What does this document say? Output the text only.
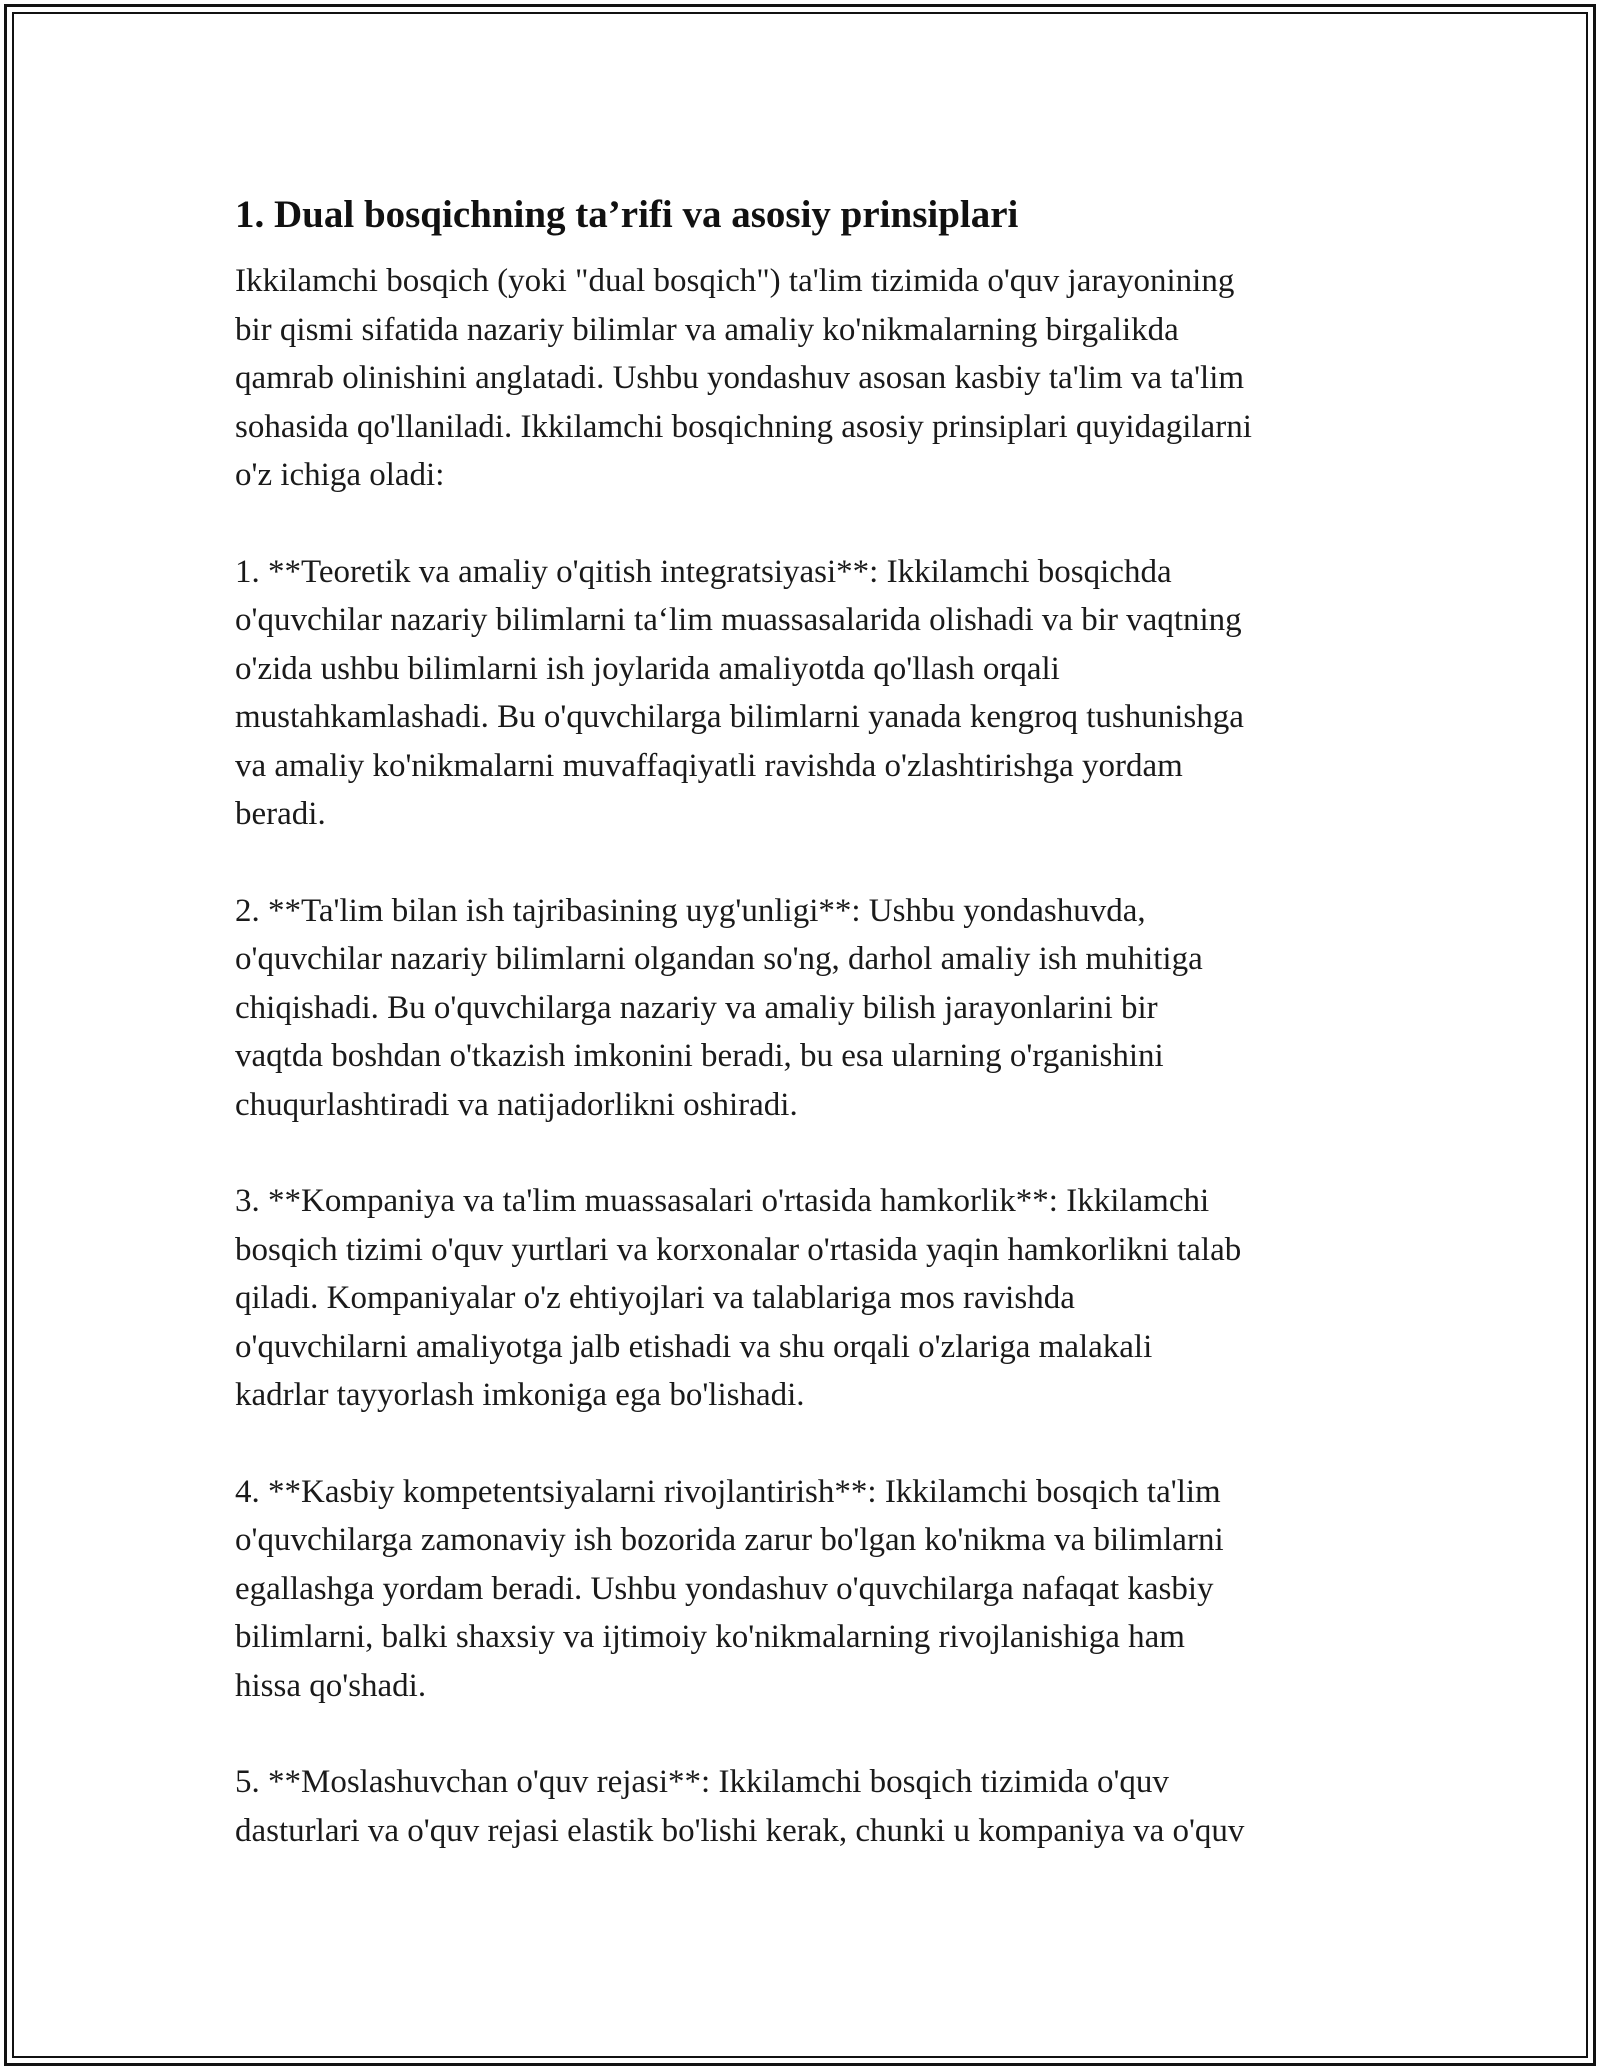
1. Dual bosqichning ta’rifi va asosiy prinsiplari

Ikkilamchi bosqich (yoki "dual bosqich") ta'lim tizimida o'quv jarayonining
bir qismi sifatida nazariy bilimlar va amaliy ko'nikmalarning birgalikda
qamrab olinishini anglatadi. Ushbu yondashuv asosan kasbiy ta'lim va ta'lim
sohasida qo'llaniladi. Ikkilamchi bosqichning asosiy prinsiplari quyidagilarni
o'z ichiga oladi:

1. **Teoretik va amaliy o'qitish integratsiyasi**: Ikkilamchi bosqichda
o'quvchilar nazariy bilimlarni ta‘lim muassasalarida olishadi va bir vaqtning
o'zida ushbu bilimlarni ish joylarida amaliyotda qo'llash orqali
mustahkamlashadi. Bu o'quvchilarga bilimlarni yanada kengroq tushunishga
va amaliy ko'nikmalarni muvaffaqiyatli ravishda o'zlashtirishga yordam
beradi.

2. **Ta'lim bilan ish tajribasining uyg'unligi**: Ushbu yondashuvda,
o'quvchilar nazariy bilimlarni olgandan so'ng, darhol amaliy ish muhitiga
chiqishadi. Bu o'quvchilarga nazariy va amaliy bilish jarayonlarini bir
vaqtda boshdan o'tkazish imkonini beradi, bu esa ularning o'rganishini
chuqurlashtiradi va natijadorlikni oshiradi.

3. **Kompaniya va ta'lim muassasalari o'rtasida hamkorlik**: Ikkilamchi
bosqich tizimi o'quv yurtlari va korxonalar o'rtasida yaqin hamkorlikni talab
qiladi. Kompaniyalar o'z ehtiyojlari va talablariga mos ravishda
o'quvchilarni amaliyotga jalb etishadi va shu orqali o'zlariga malakali
kadrlar tayyorlash imkoniga ega bo'lishadi.

4. **Kasbiy kompetentsiyalarni rivojlantirish**: Ikkilamchi bosqich ta'lim
o'quvchilarga zamonaviy ish bozorida zarur bo'lgan ko'nikma va bilimlarni
egallashga yordam beradi. Ushbu yondashuv o'quvchilarga nafaqat kasbiy
bilimlarni, balki shaxsiy va ijtimoiy ko'nikmalarning rivojlanishiga ham
hissa qo'shadi.

5. **Moslashuvchan o'quv rejasi**: Ikkilamchi bosqich tizimida o'quv
dasturlari va o'quv rejasi elastik bo'lishi kerak, chunki u kompaniya va o'quv
